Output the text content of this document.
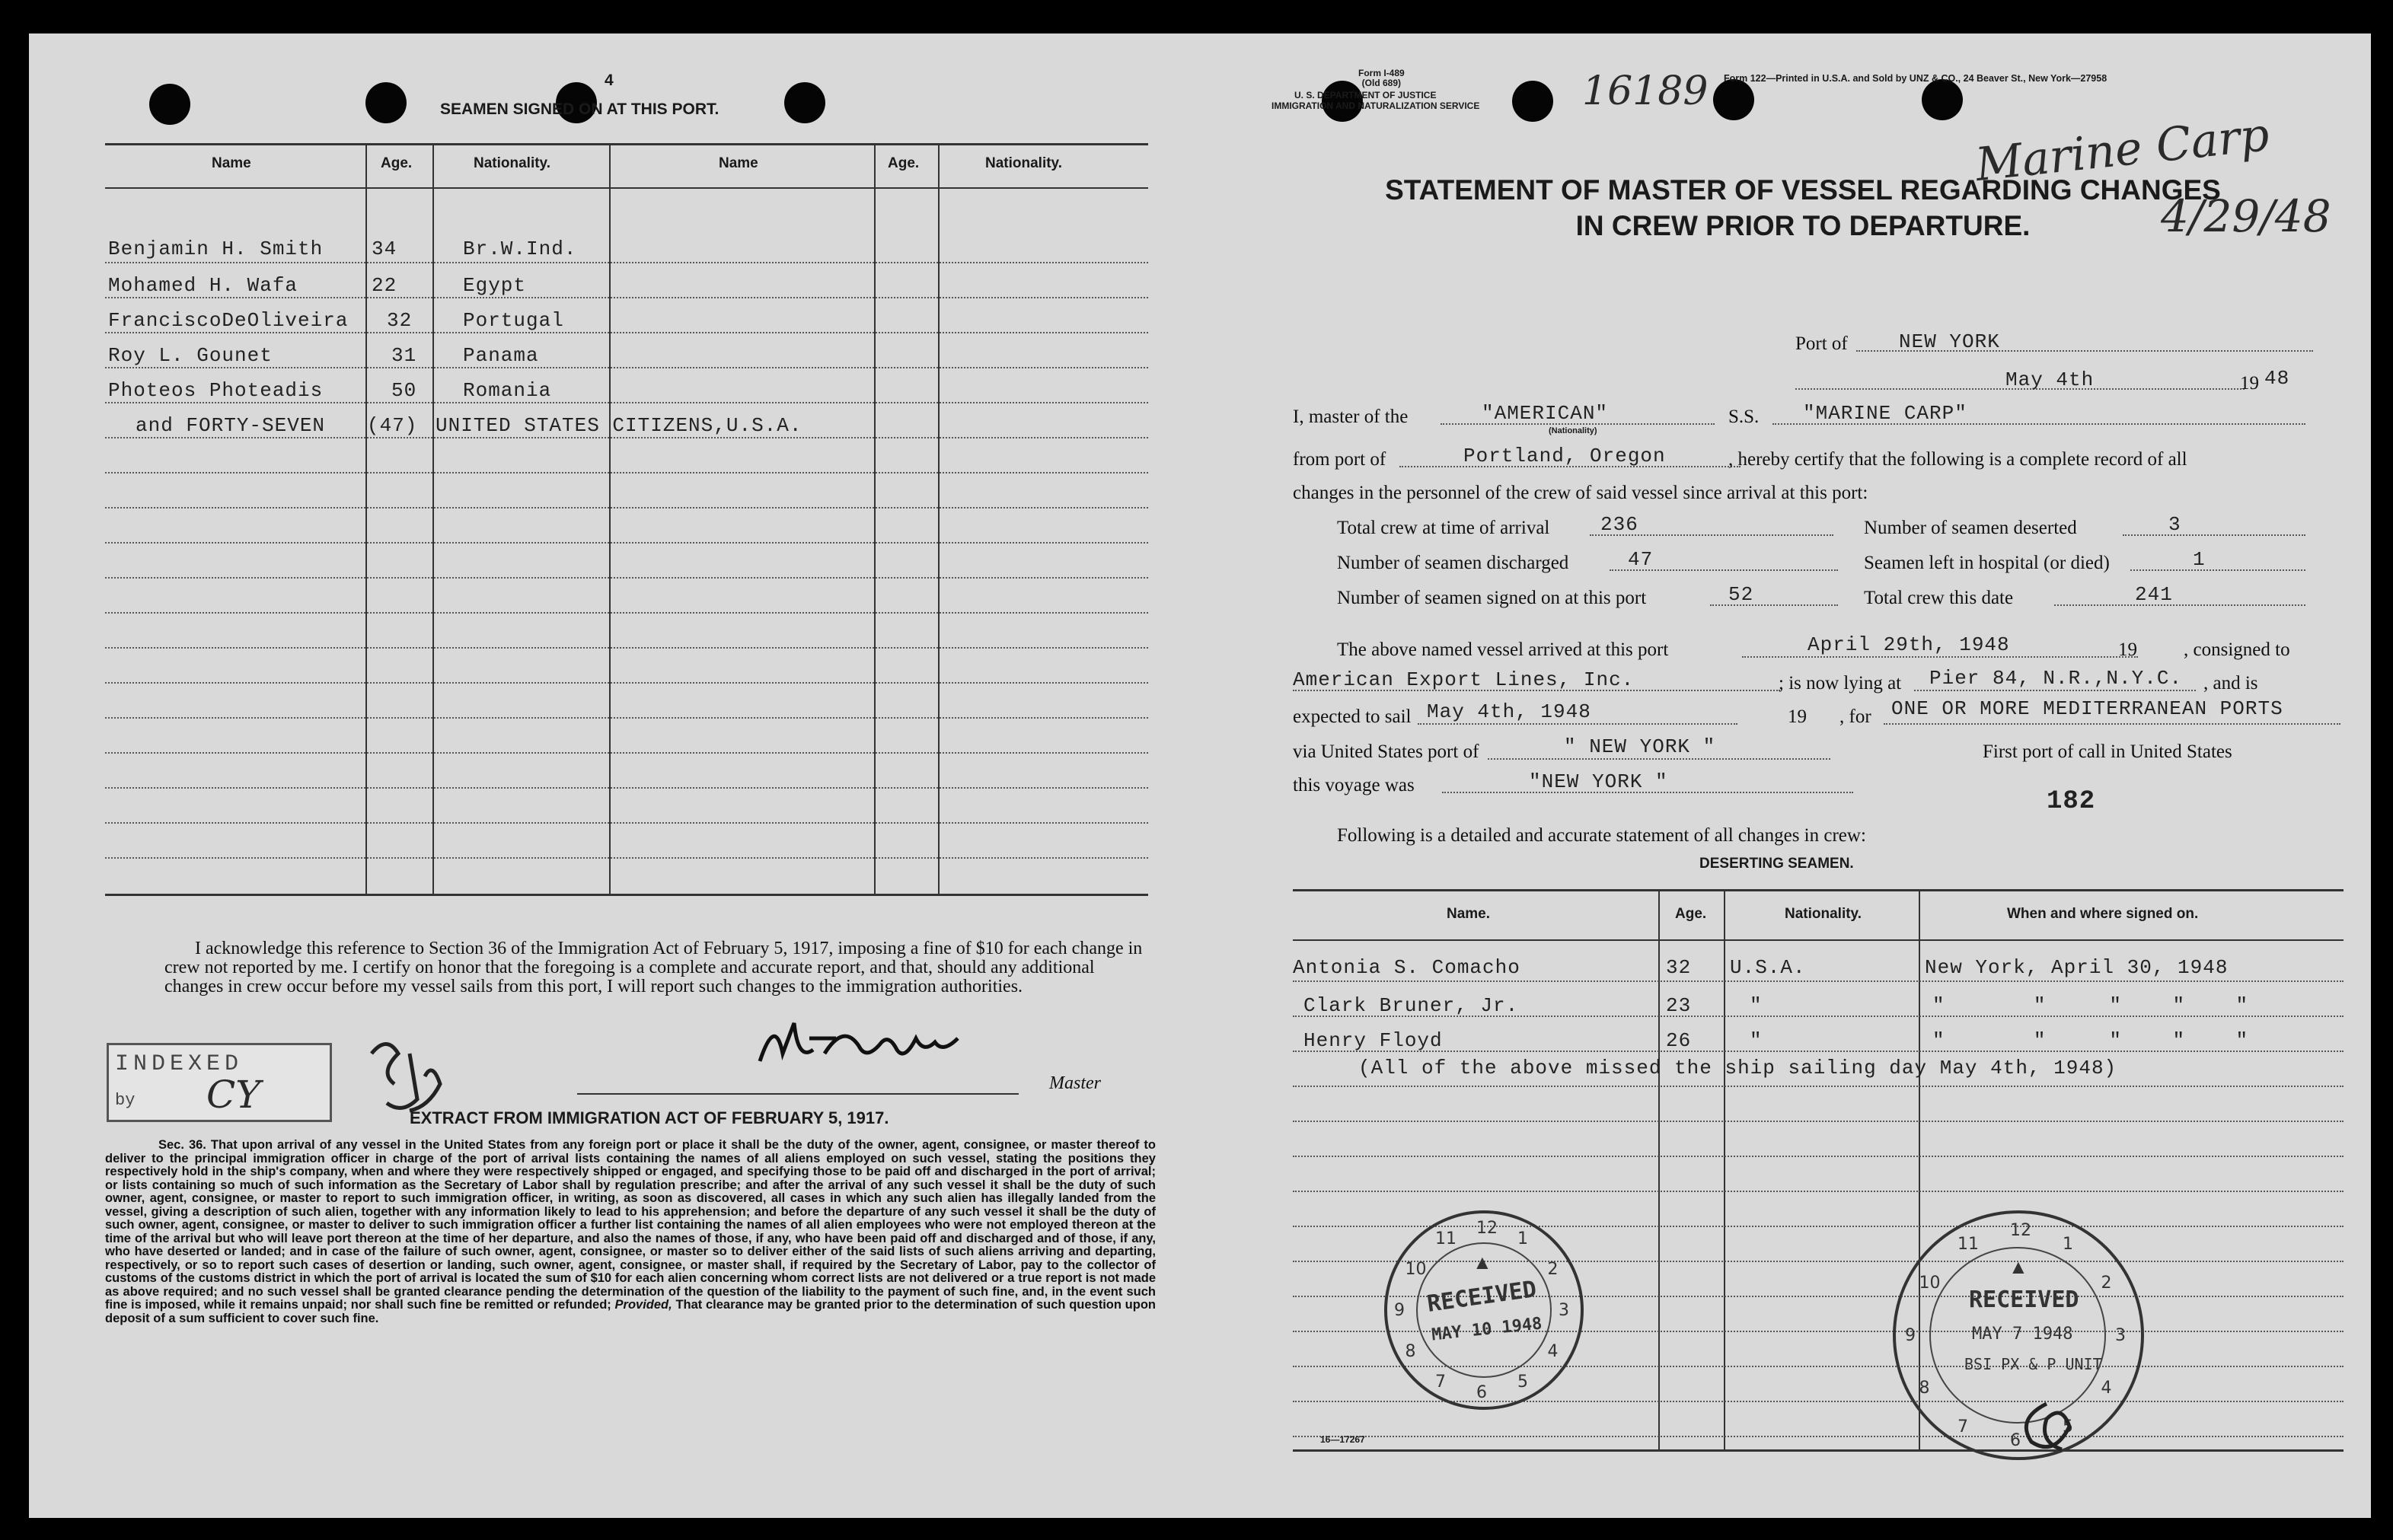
4
SEAMEN SIGNED ON AT THIS PORT.
Name	Age.	Nationality.	Name	Age.	Nationality.
Benjamin H. Smith 34	Br.W.Ind.
Mohamed H. Wafa	22	Egypt
FranciscoDeOliveira 32	Portugal
Roy L. Gounet	31 Panama
Photeos Photeadis	50 Romania
and FORTY-SEVEN (47) UNITED STATES CITIZENS,U.S.A.
I acknowledge this reference to Section 36 of the Immigration Act of February 5, 1917, imposing a fine of $10 for each change in crew not reported by me. I certify on honor that the foregoing is a complete and accurate report, and that, should any additional changes in crew occur before my vessel sails from this port, I will report such changes to the immigration authorities.
INDEXED
by CY	Master
EXTRACT FROM IMMIGRATION ACT OF FEBRUARY 5, 1917.
Sec. 36. That upon arrival of any vessel in the United States from any foreign port or place it shall be the duty of the owner, agent, consignee, or master thereof to deliver to the principal immigration officer in charge of the port of arrival lists containing the names of all aliens employed on such vessel, stating the positions they respectively hold in the ship's company, when and where they were respectively shipped or engaged, and specifying those to be paid off and discharged in the port of arrival; or lists containing so much of such information as the Secretary of Labor shall by regulation prescribe; and after the arrival of any such vessel it shall be the duty of such owner, agent, consignee, or master to report to such immigration officer, in writing, as soon as discovered, all cases in which any such alien has illegally landed from the vessel, giving a description of such alien, together with any information likely to lead to his apprehension; and before the departure of any such vessel it shall be the duty of such owner, agent, consignee, or master to deliver to such immigration officer a further list containing the names of all alien employees who were not employed thereon at the time of the arrival but who will leave port thereon at the time of her departure, and also the names of those, if any, who have been paid off and discharged and of those, if any, who have deserted or landed; and in case of the failure of such owner, agent, consignee, or master so to deliver either of the said lists of such aliens arriving and departing, respectively, or so to report such cases of desertion or landing, such owner, agent, consignee, or master shall, if required by the Secretary of Labor, pay to the collector of customs of the customs district in which the port of arrival is located the sum of $10 for each alien concerning whom correct lists are not delivered or a true report is not made as above required; and no such vessel shall be granted clearance pending the determination of the question of the liability to the payment of such fine, and, in the event such fine is imposed, while it remains unpaid; nor shall such fine be remitted or refunded; Provided, That clearance may be granted prior to the determination of such question upon deposit of a sum sufficient to cover such fine.
Form I-489
(Old 689)
U. S. DEPARTMENT OF JUSTICE
IMMIGRATION AND NATURALIZATION SERVICE	16189 Form 122—Printed in U.S.A. and Sold by UNZ & CO., 24 Beaver St., New York—27958
Marine Carp
4/29/48
STATEMENT OF MASTER OF VESSEL REGARDING CHANGES
IN CREW PRIOR TO DEPARTURE.
Port of	NEW YORK
May 4th	19 48
I, master of the	"AMERICAN"
(Nationality)
S.S. "MARINE CARP"
from port of	Portland, Oregon	, hereby certify that the following is a complete record of all
changes in the personnel of the crew of said vessel since arrival at this port:
Total crew at time of arrival	236	Number of seamen deserted	3
Number of seamen discharged	47	Seamen left in hospital (or died)	1
Number of seamen signed on at this port	52	Total crew this date	241
The above named vessel arrived at this port	April 29th, 1948	19 , consigned to
American Export Lines, Inc.	; is now lying at Pier 84, N.R.,N.Y.C. , and is
expected to sail May 4th, 1948	19 , for ONE OR MORE MEDITERRANEAN PORTS
via United States port of	" NEW YORK "	First port of call in United States
this voyage was	"NEW YORK "
182
Following is a detailed and accurate statement of all changes in crew:
DESERTING SEAMEN.
Name.	Age.	Nationality.	When and where signed on.
Antonia S. Comacho	32 U.S.A.	New York, April 30, 1948
Clark Bruner, Jr.	23	"	"       "     "    "    "
Henry Floyd	26	"	"       "     "    "    "
(All of the above missed the ship sailing day May 4th, 1948)
▲
RECEIVED
MAY 10 1948
1
2
3
4
5
6
7
8
9
10
11
12
▲
RECEIVED
MAY 7 1948
BSI PX & P UNIT
1
2
3
4
5
6
7
8
9
10
11
12
16—17267
